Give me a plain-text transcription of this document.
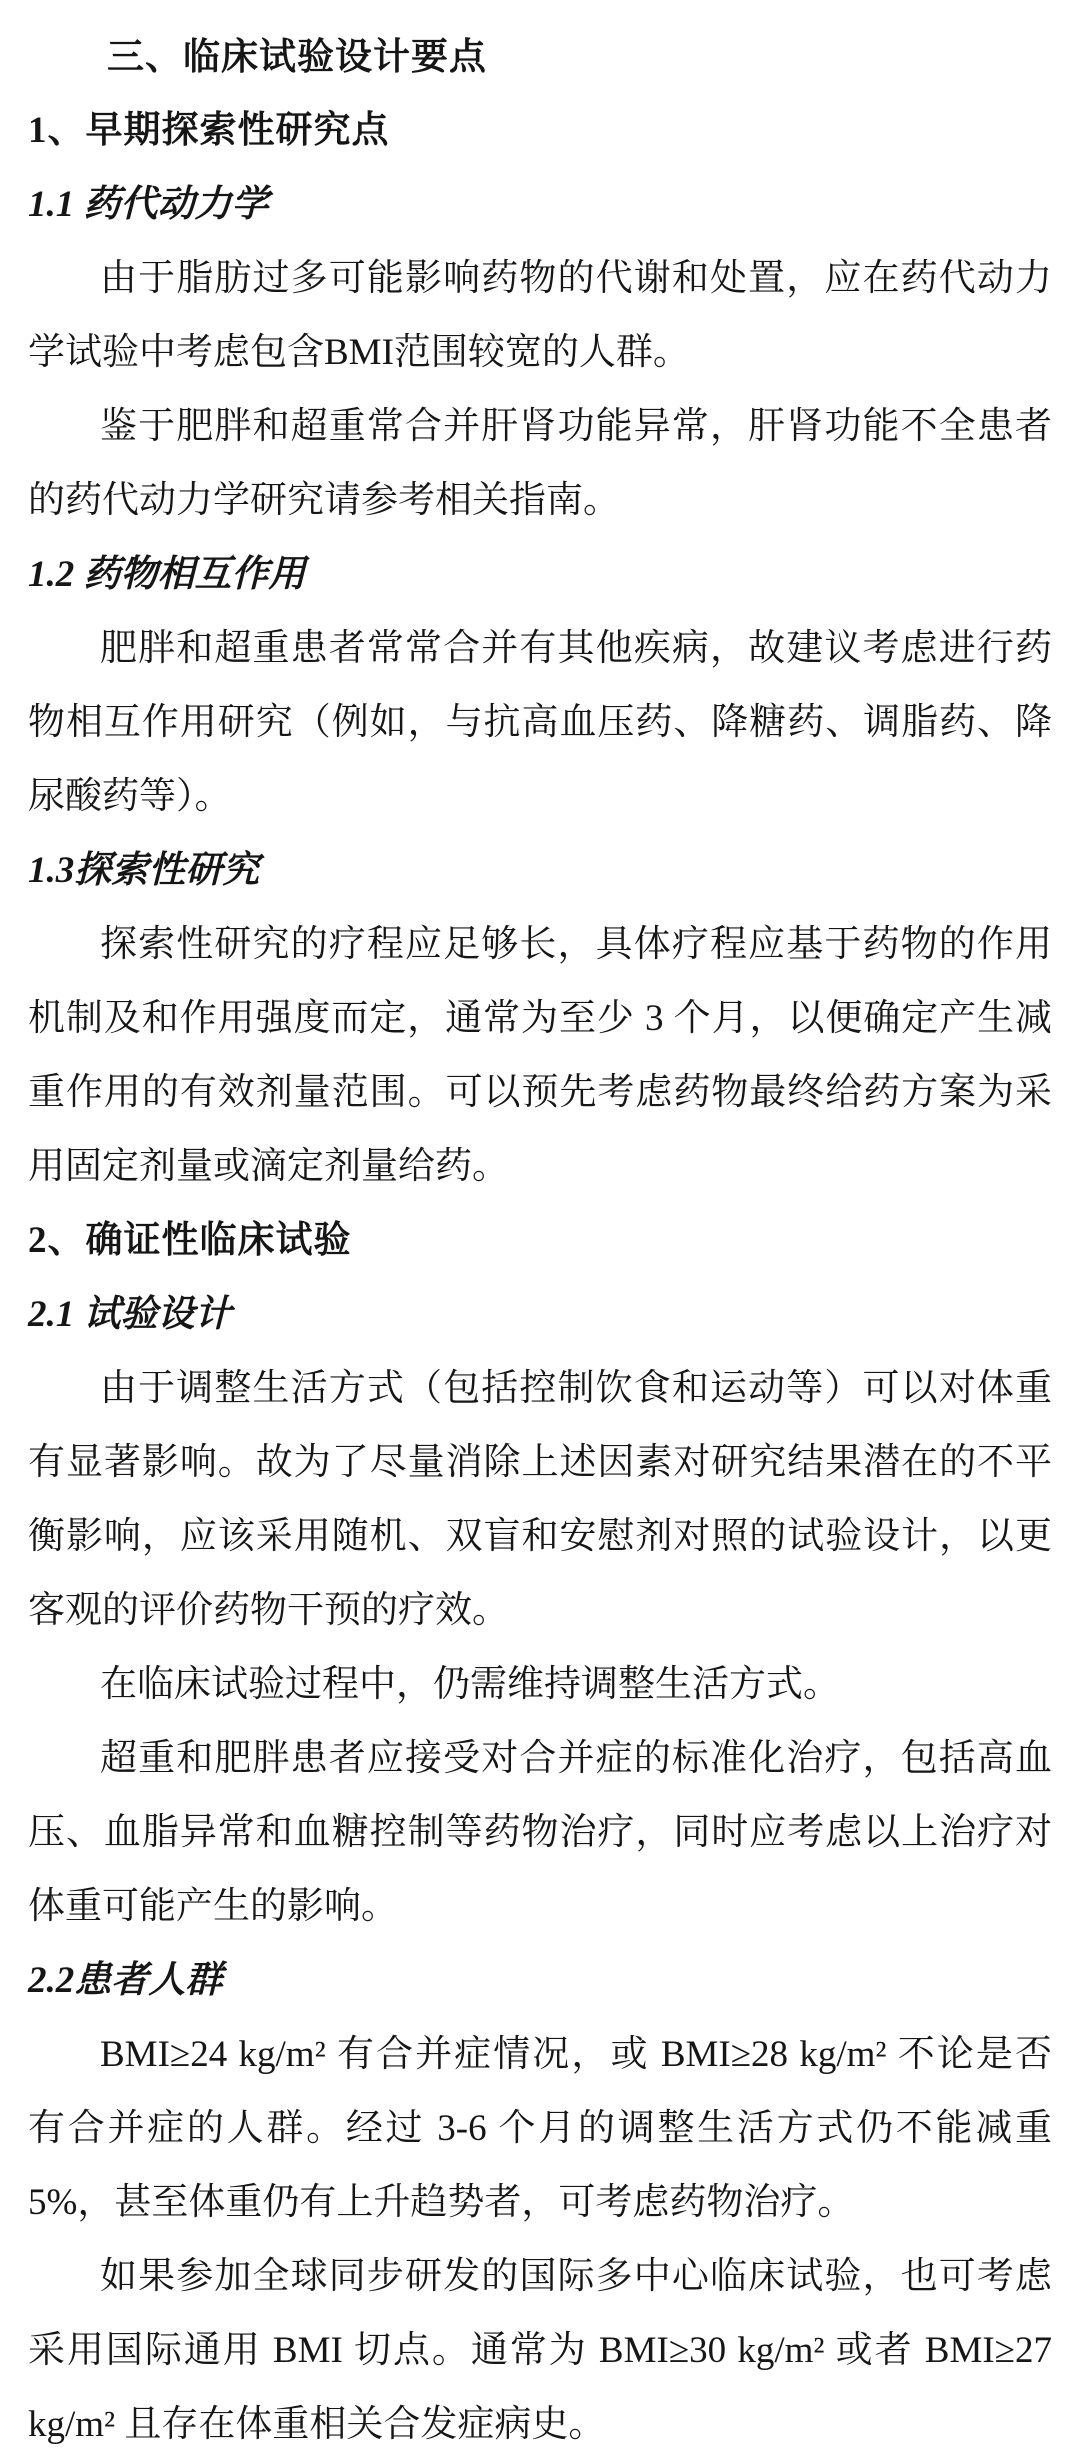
三、临床试验设计要点
1、早期探索性研究点
1.1 药代动力学
由于脂肪过多可能影响药物的代谢和处置，应在药代动力学试验中考虑包含BMI范围较宽的人群。
鉴于肥胖和超重常合并肝肾功能异常，肝肾功能不全患者的药代动力学研究请参考相关指南。
1.2 药物相互作用
肥胖和超重患者常常合并有其他疾病，故建议考虑进行药物相互作用研究（例如，与抗高血压药、降糖药、调脂药、降尿酸药等）。
1.3探索性研究
探索性研究的疗程应足够长，具体疗程应基于药物的作用机制及和作用强度而定，通常为至少 3 个月，以便确定产生减重作用的有效剂量范围。可以预先考虑药物最终给药方案为采用固定剂量或滴定剂量给药。
2、确证性临床试验
2.1 试验设计
由于调整生活方式（包括控制饮食和运动等）可以对体重有显著影响。故为了尽量消除上述因素对研究结果潜在的不平衡影响，应该采用随机、双盲和安慰剂对照的试验设计，以更客观的评价药物干预的疗效。
在临床试验过程中，仍需维持调整生活方式。
超重和肥胖患者应接受对合并症的标准化治疗，包括高血压、血脂异常和血糖控制等药物治疗，同时应考虑以上治疗对体重可能产生的影响。
2.2患者人群
BMI≥24 kg/m² 有合并症情况，或 BMI≥28 kg/m² 不论是否有合并症的人群。经过 3-6 个月的调整生活方式仍不能减重 5%，甚至体重仍有上升趋势者，可考虑药物治疗。
如果参加全球同步研发的国际多中心临床试验，也可考虑采用国际通用 BMI 切点。通常为 BMI≥30 kg/m² 或者 BMI≥27 kg/m² 且存在体重相关合发症病史。
